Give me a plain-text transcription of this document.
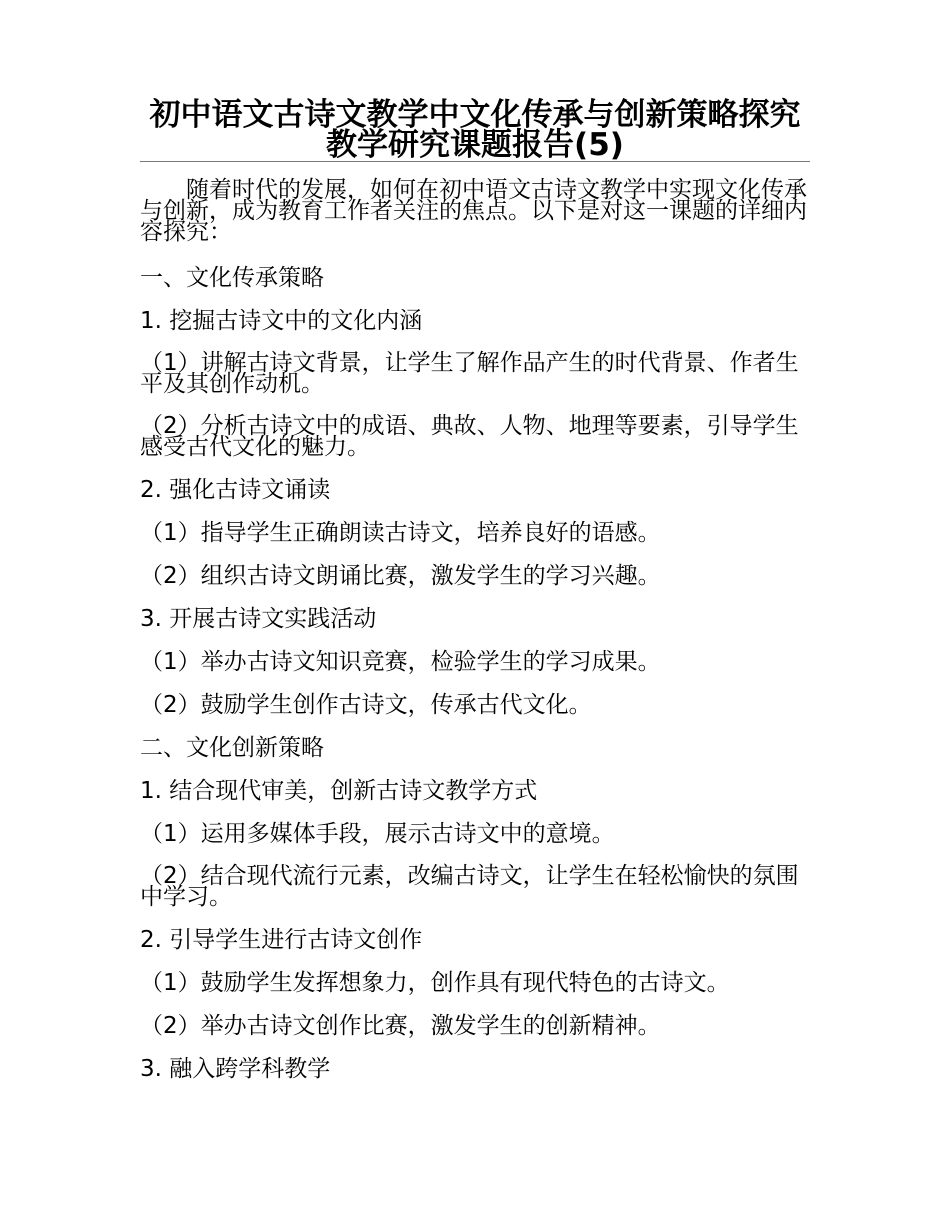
初中语文古诗文教学中文化传承与创新策略探究教学研究课题报告(5)

随着时代的发展，如何在初中语文古诗文教学中实现文化传承与创新，成为教育工作者关注的焦点。以下是对这一课题的详细内容探究：

一、文化传承策略

1. 挖掘古诗文中的文化内涵

（1）讲解古诗文背景，让学生了解作品产生的时代背景、作者生平及其创作动机。

（2）分析古诗文中的成语、典故、人物、地理等要素，引导学生感受古代文化的魅力。

2. 强化古诗文诵读

（1）指导学生正确朗读古诗文，培养良好的语感。

（2）组织古诗文朗诵比赛，激发学生的学习兴趣。

3. 开展古诗文实践活动

（1）举办古诗文知识竞赛，检验学生的学习成果。

（2）鼓励学生创作古诗文，传承古代文化。

二、文化创新策略

1. 结合现代审美，创新古诗文教学方式

（1）运用多媒体手段，展示古诗文中的意境。

（2）结合现代流行元素，改编古诗文，让学生在轻松愉快的氛围中学习。

2. 引导学生进行古诗文创作

（1）鼓励学生发挥想象力，创作具有现代特色的古诗文。

（2）举办古诗文创作比赛，激发学生的创新精神。

3. 融入跨学科教学
